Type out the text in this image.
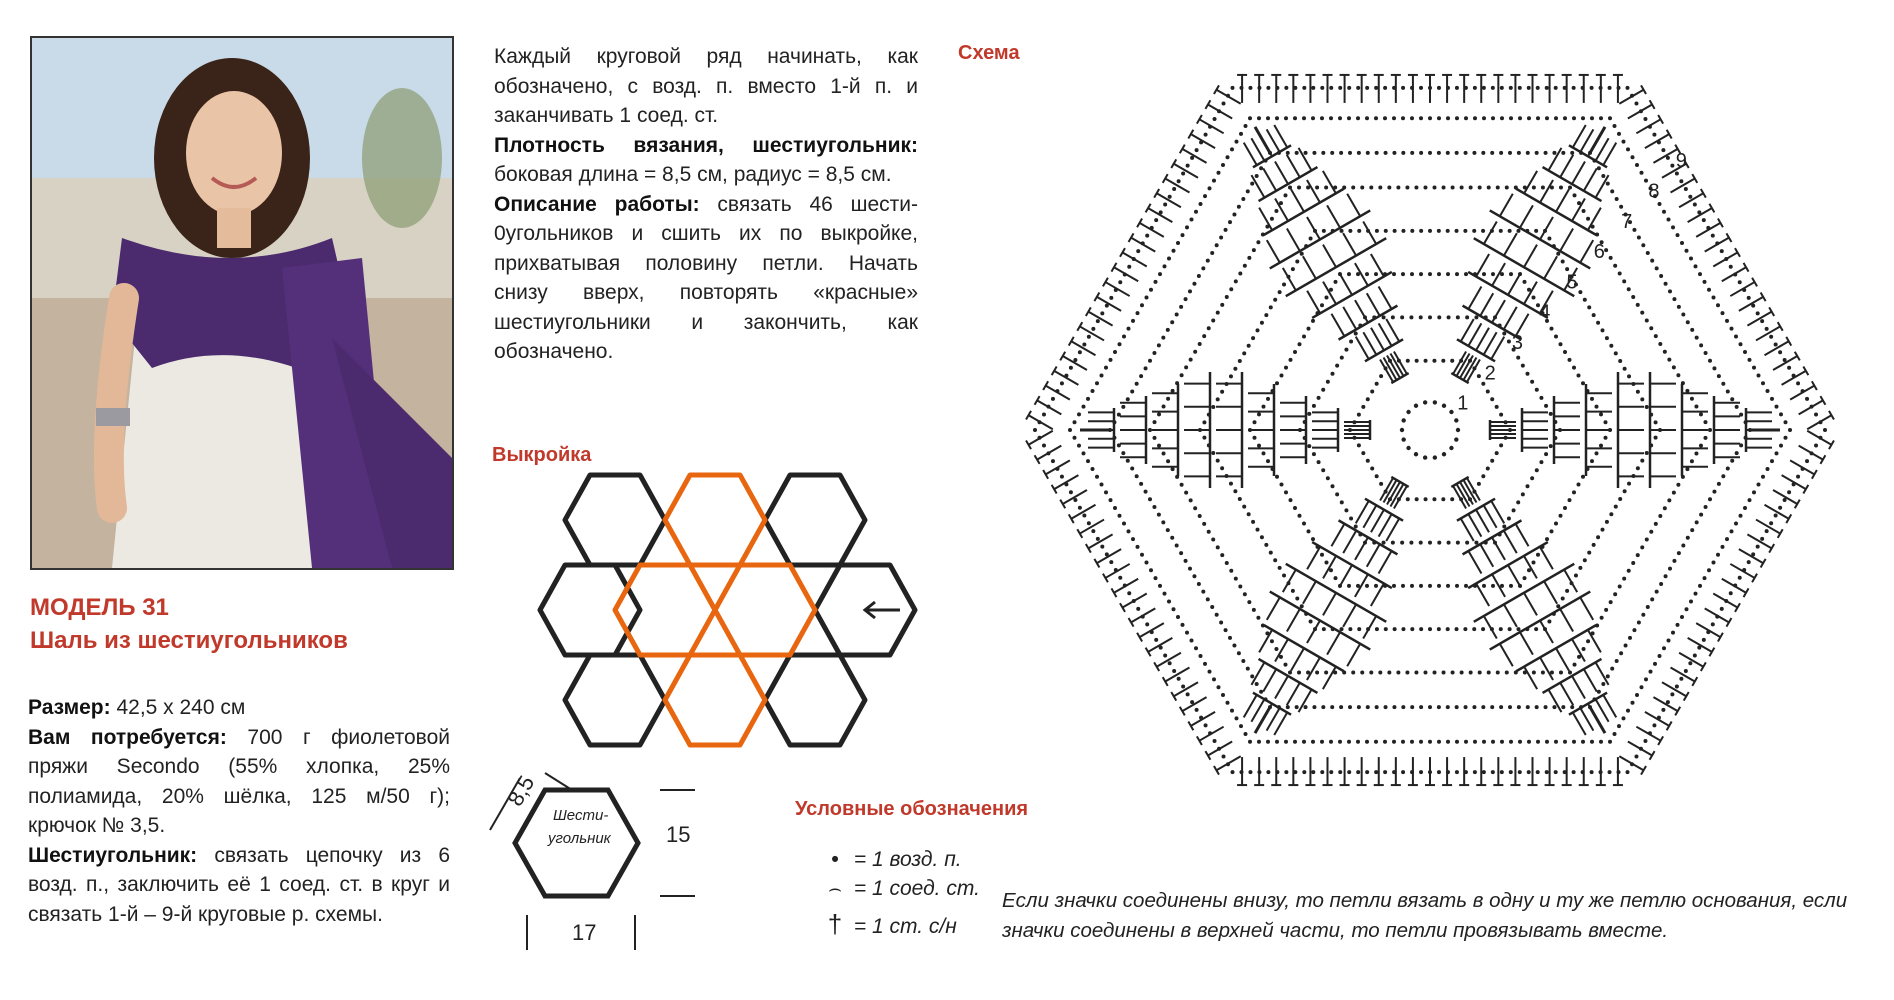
МОДЕЛЬ 31
Шаль из шестиугольников
Размер: 42,5 х 240 см
Вам потребуется: 700 г фиолетовой пряжи Secondo (55% хлопка, 25% полиамида, 20% шёлка, 125 м/50 г); крючок № 3,5.
Шестиугольник: связать цепочку из 6 возд. п., заключить её 1 соед. ст. в круг и связать 1-й – 9-й круговые р. схемы.
Каждый круговой ряд начинать, как обозначено, с возд. п. вместо 1-й п. и заканчивать 1 соед. ст.
Плотность вязания, шестиугольник: боковая длина = 8,5 см, радиус = 8,5 см.
Описание работы: связать 46 шести- 0угольников и сшить их по выкройке, прихватывая половину петли. Начать снизу вверх, повторять «красные» шестиугольники и закончить, как обозначено.
Схема
Выкройка
Условные обозначения
8,5
Шести-
угольник	15
17
• = 1 возд. п.
⌢ = 1 соед. ст.
† = 1 ст. с/н
Если значки соединены внизу, то петли вязать в одну и ту же петлю основания, если значки соединены в верхней части, то петли провязывать вместе.
1
2
3
4
5
6
7
8
9
